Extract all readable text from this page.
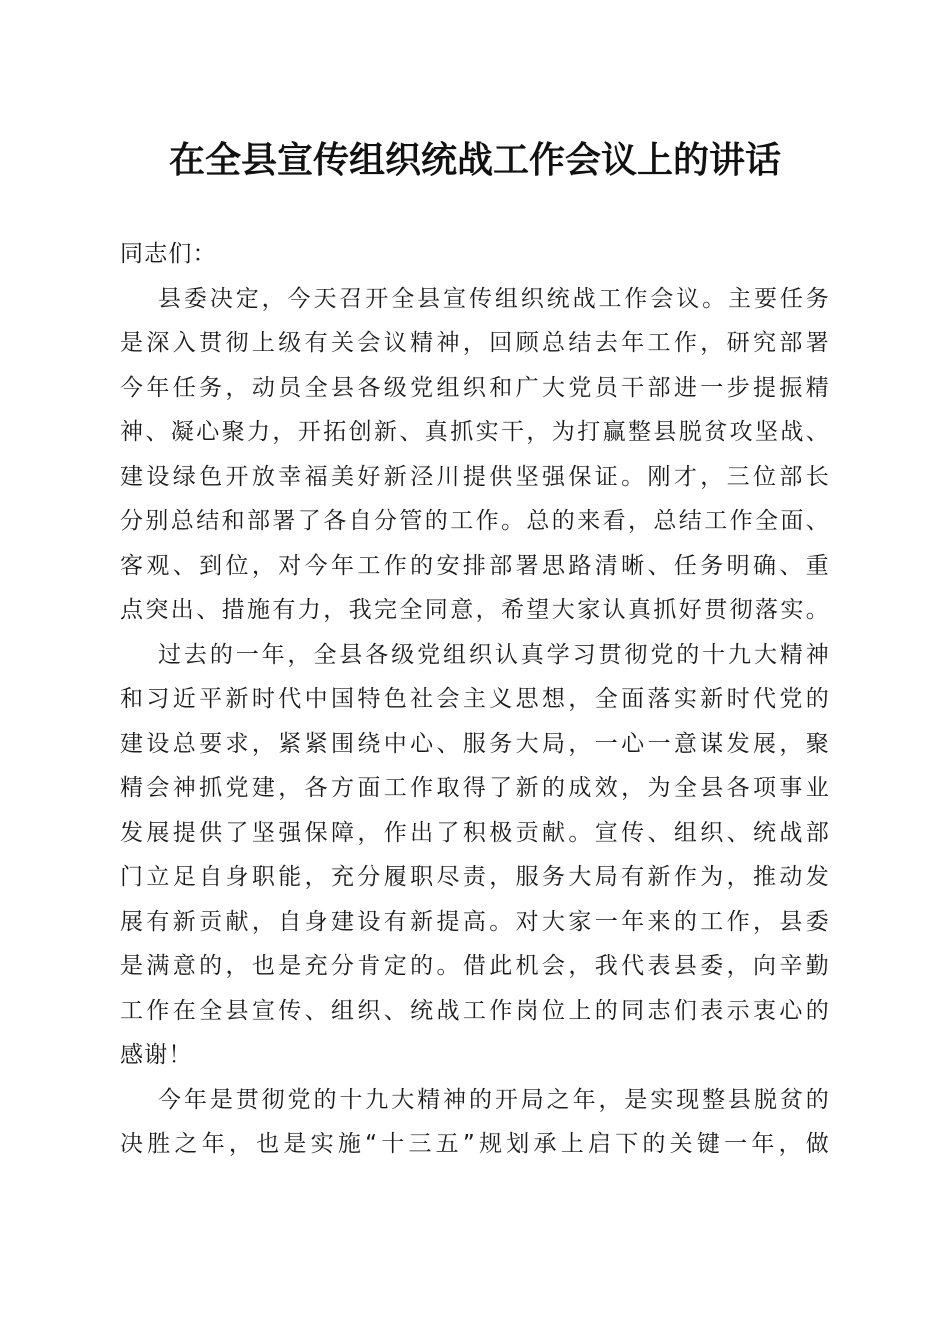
在全县宣传组织统战工作会议上的讲话
同志们：
县委决定，今天召开全县宣传组织统战工作会议。主要任务
是深入贯彻上级有关会议精神，回顾总结去年工作，研究部署
今年任务，动员全县各级党组织和广大党员干部进一步提振精
神、凝心聚力，开拓创新、真抓实干，为打赢整县脱贫攻坚战、
建设绿色开放幸福美好新泾川提供坚强保证。刚才，三位部长
分别总结和部署了各自分管的工作。总的来看，总结工作全面、
客观、到位，对今年工作的安排部署思路清晰、任务明确、重
点突出、措施有力，我完全同意，希望大家认真抓好贯彻落实。
过去的一年，全县各级党组织认真学习贯彻党的十九大精神
和习近平新时代中国特色社会主义思想，全面落实新时代党的
建设总要求，紧紧围绕中心、服务大局，一心一意谋发展，聚
精会神抓党建，各方面工作取得了新的成效，为全县各项事业
发展提供了坚强保障，作出了积极贡献。宣传、组织、统战部
门立足自身职能，充分履职尽责，服务大局有新作为，推动发
展有新贡献，自身建设有新提高。对大家一年来的工作，县委
是满意的，也是充分肯定的。借此机会，我代表县委，向辛勤
工作在全县宣传、组织、统战工作岗位上的同志们表示衷心的
感谢！
今年是贯彻党的十九大精神的开局之年，是实现整县脱贫的
决胜之年，也是实施“十三五”规划承上启下的关键一年，做
